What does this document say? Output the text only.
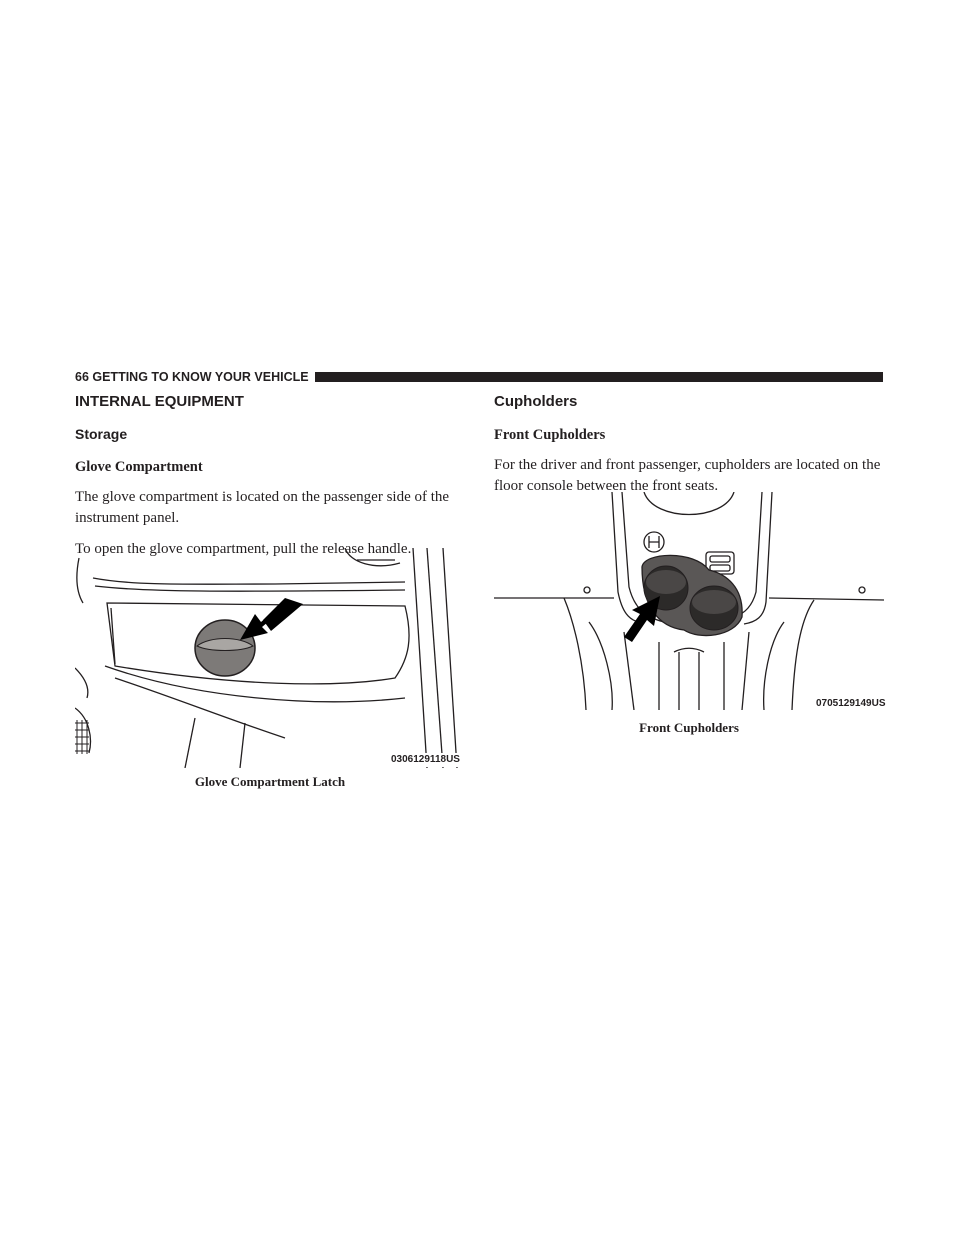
66 GETTING TO KNOW YOUR VEHICLE
INTERNAL EQUIPMENT
Storage
Glove Compartment

The glove compartment is located on the passenger side of the instrument panel.

To open the glove compartment, pull the release handle.

0306129118US
Glove Compartment Latch
Cupholders
Front Cupholders

For the driver and front passenger, cupholders are located on the floor console between the front seats.

0705129149US
Front Cupholders
